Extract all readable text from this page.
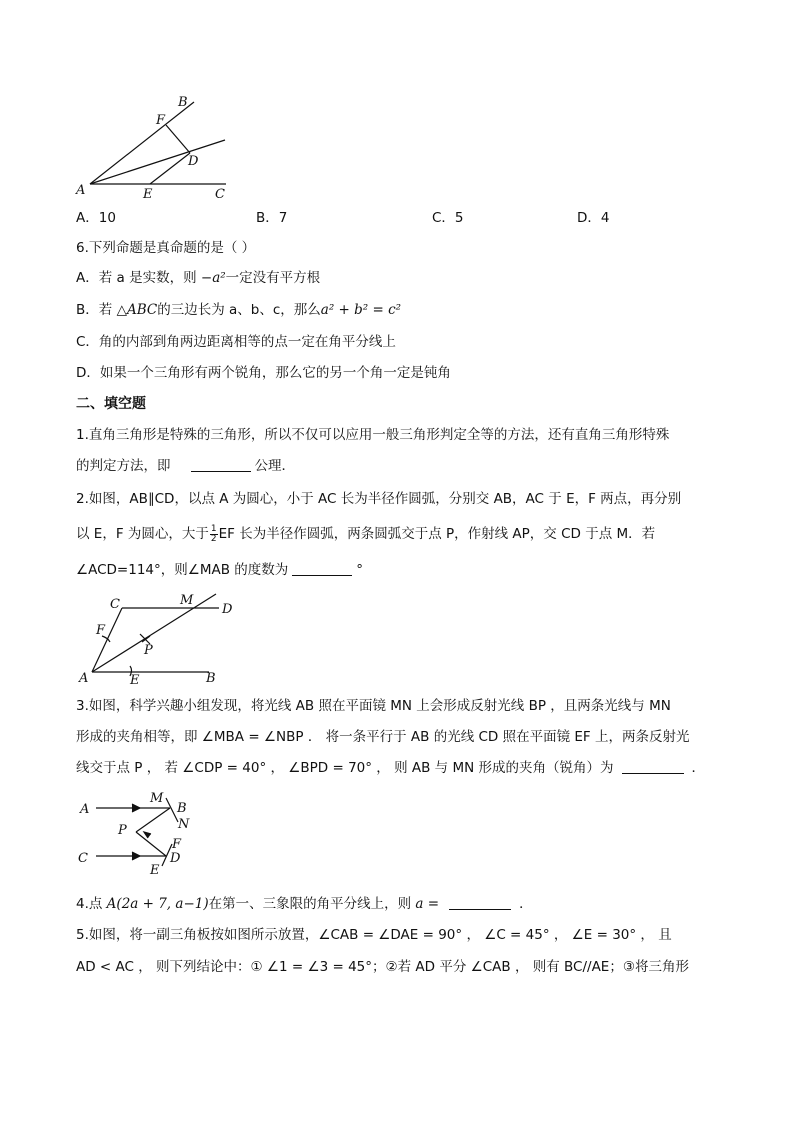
B
F
D
A	E	C
A．10	B．7	C．5	D．4
6.下列命题是真命题的是（ ）
A．若 a 是实数，则 −a²一定没有平方根
B．若 △ABC的三边长为 a、b、c，那么a² + b² = c²
C．角的内部到角两边距离相等的点一定在角平分线上
D．如果一个三角形有两个锐角，那么它的另一个角一定是钝角
二、填空题
1.直角三角形是特殊的三角形，所以不仅可以应用一般三角形判定全等的方法，还有直角三角形特殊
的判定方法，即	公理．
2.如图，AB∥CD，以点 A 为圆心，小于 AC 长为半径作圆弧，分别交 AB，AC 于 E，F 两点，再分别
以 E，F 为圆心，大于 $\frac{1}{2}$ EF 长为半径作圆弧，两条圆弧交于点 P，作射线 AP，交 CD 于点 M．若
∠ACD=114°，则∠MAB 的度数为	°
C	M
D
F
P
A	E	B
3.如图，科学兴趣小组发现，将光线 AB 照在平面镜 MN 上会形成反射光线 BP ，且两条光线与 MN
形成的夹角相等，即 ∠MBA = ∠NBP ． 将一条平行于 AB 的光线 CD 照在平面镜 EF 上，两条反射光
线交于点 P ， 若 ∠CDP = 40° ， ∠BPD = 70° ， 则 AB 与 MN 形成的夹角（锐角）为	．
A
M
B
N
P
F
C	D
E
4.点 A(2a + 7, a−1)在第一、三象限的角平分线上，则 a =	．
5.如图，将一副三角板按如图所示放置，∠CAB = ∠DAE = 90° ， ∠C = 45° ， ∠E = 30° ， 且
AD < AC ， 则下列结论中：① ∠1 = ∠3 = 45°；②若 AD 平分 ∠CAB ， 则有 BC//AE；③将三角形
